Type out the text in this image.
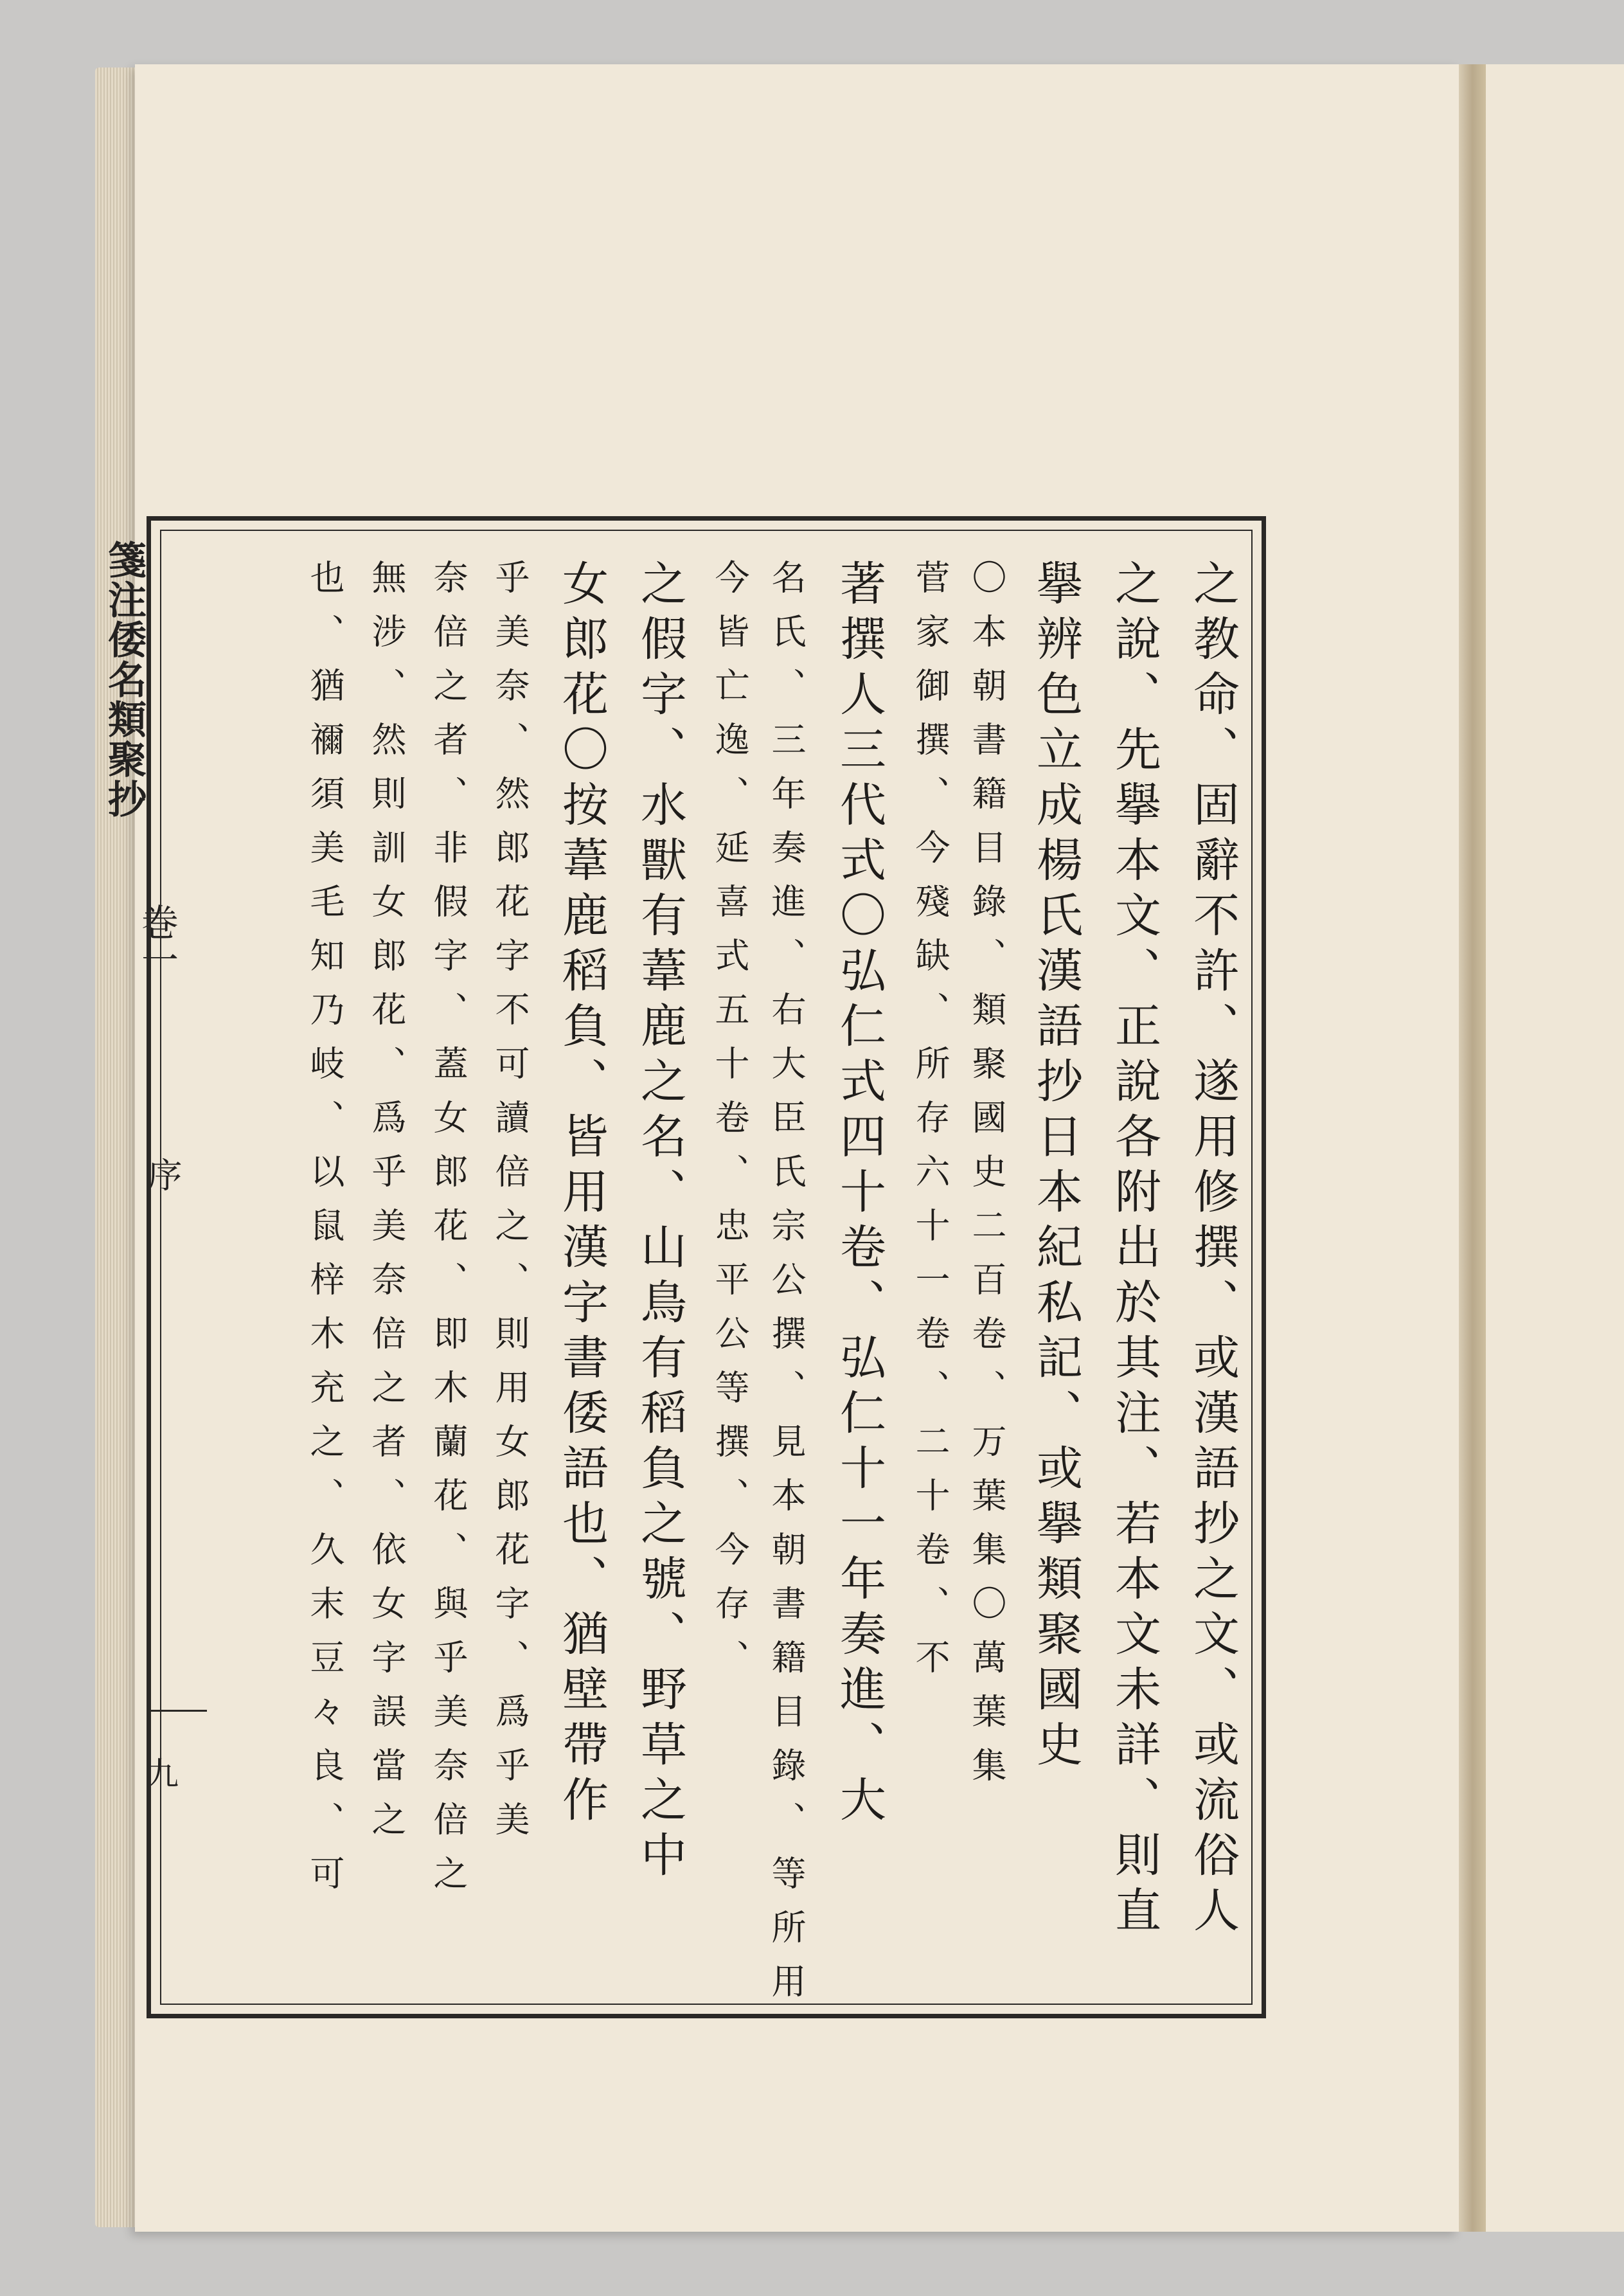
箋注倭名類聚抄
巻一
序
九	之教命、固辭不許、遂用修撰、或漢語抄之文、或流俗人
之說、先擧本文、正說各附出於其注、若本文未詳、則直
擧辨色立成楊氏漢語抄日本紀私記、或擧類聚國史
〇本朝書籍目錄、類聚國史二百卷、万葉集〇萬葉集
菅家御撰、今殘缺、所存六十一卷、二十卷、不
著撰人三代式〇弘仁式四十卷、弘仁十一年奏進、大
名氏、三年奏進、右大臣氏宗公撰、見本朝書籍目錄、等所用
今皆亡逸、延喜式五十卷、忠平公等撰、今存、
之假字、水獸有葦鹿之名、山鳥有稻負之號、野草之中
女郎花〇按葦鹿稻負、皆用漢字書倭語也、猶壁帶作
乎美奈、然郎花字不可讀倍之、則用女郎花字、爲乎美
奈倍之者、非假字、蓋女郎花、即木蘭花、與乎美奈倍之
無涉、然則訓女郎花、爲乎美奈倍之者、依女字誤當之
也、猶禰須美毛知乃岐、以鼠梓木充之、久末豆々良、可
